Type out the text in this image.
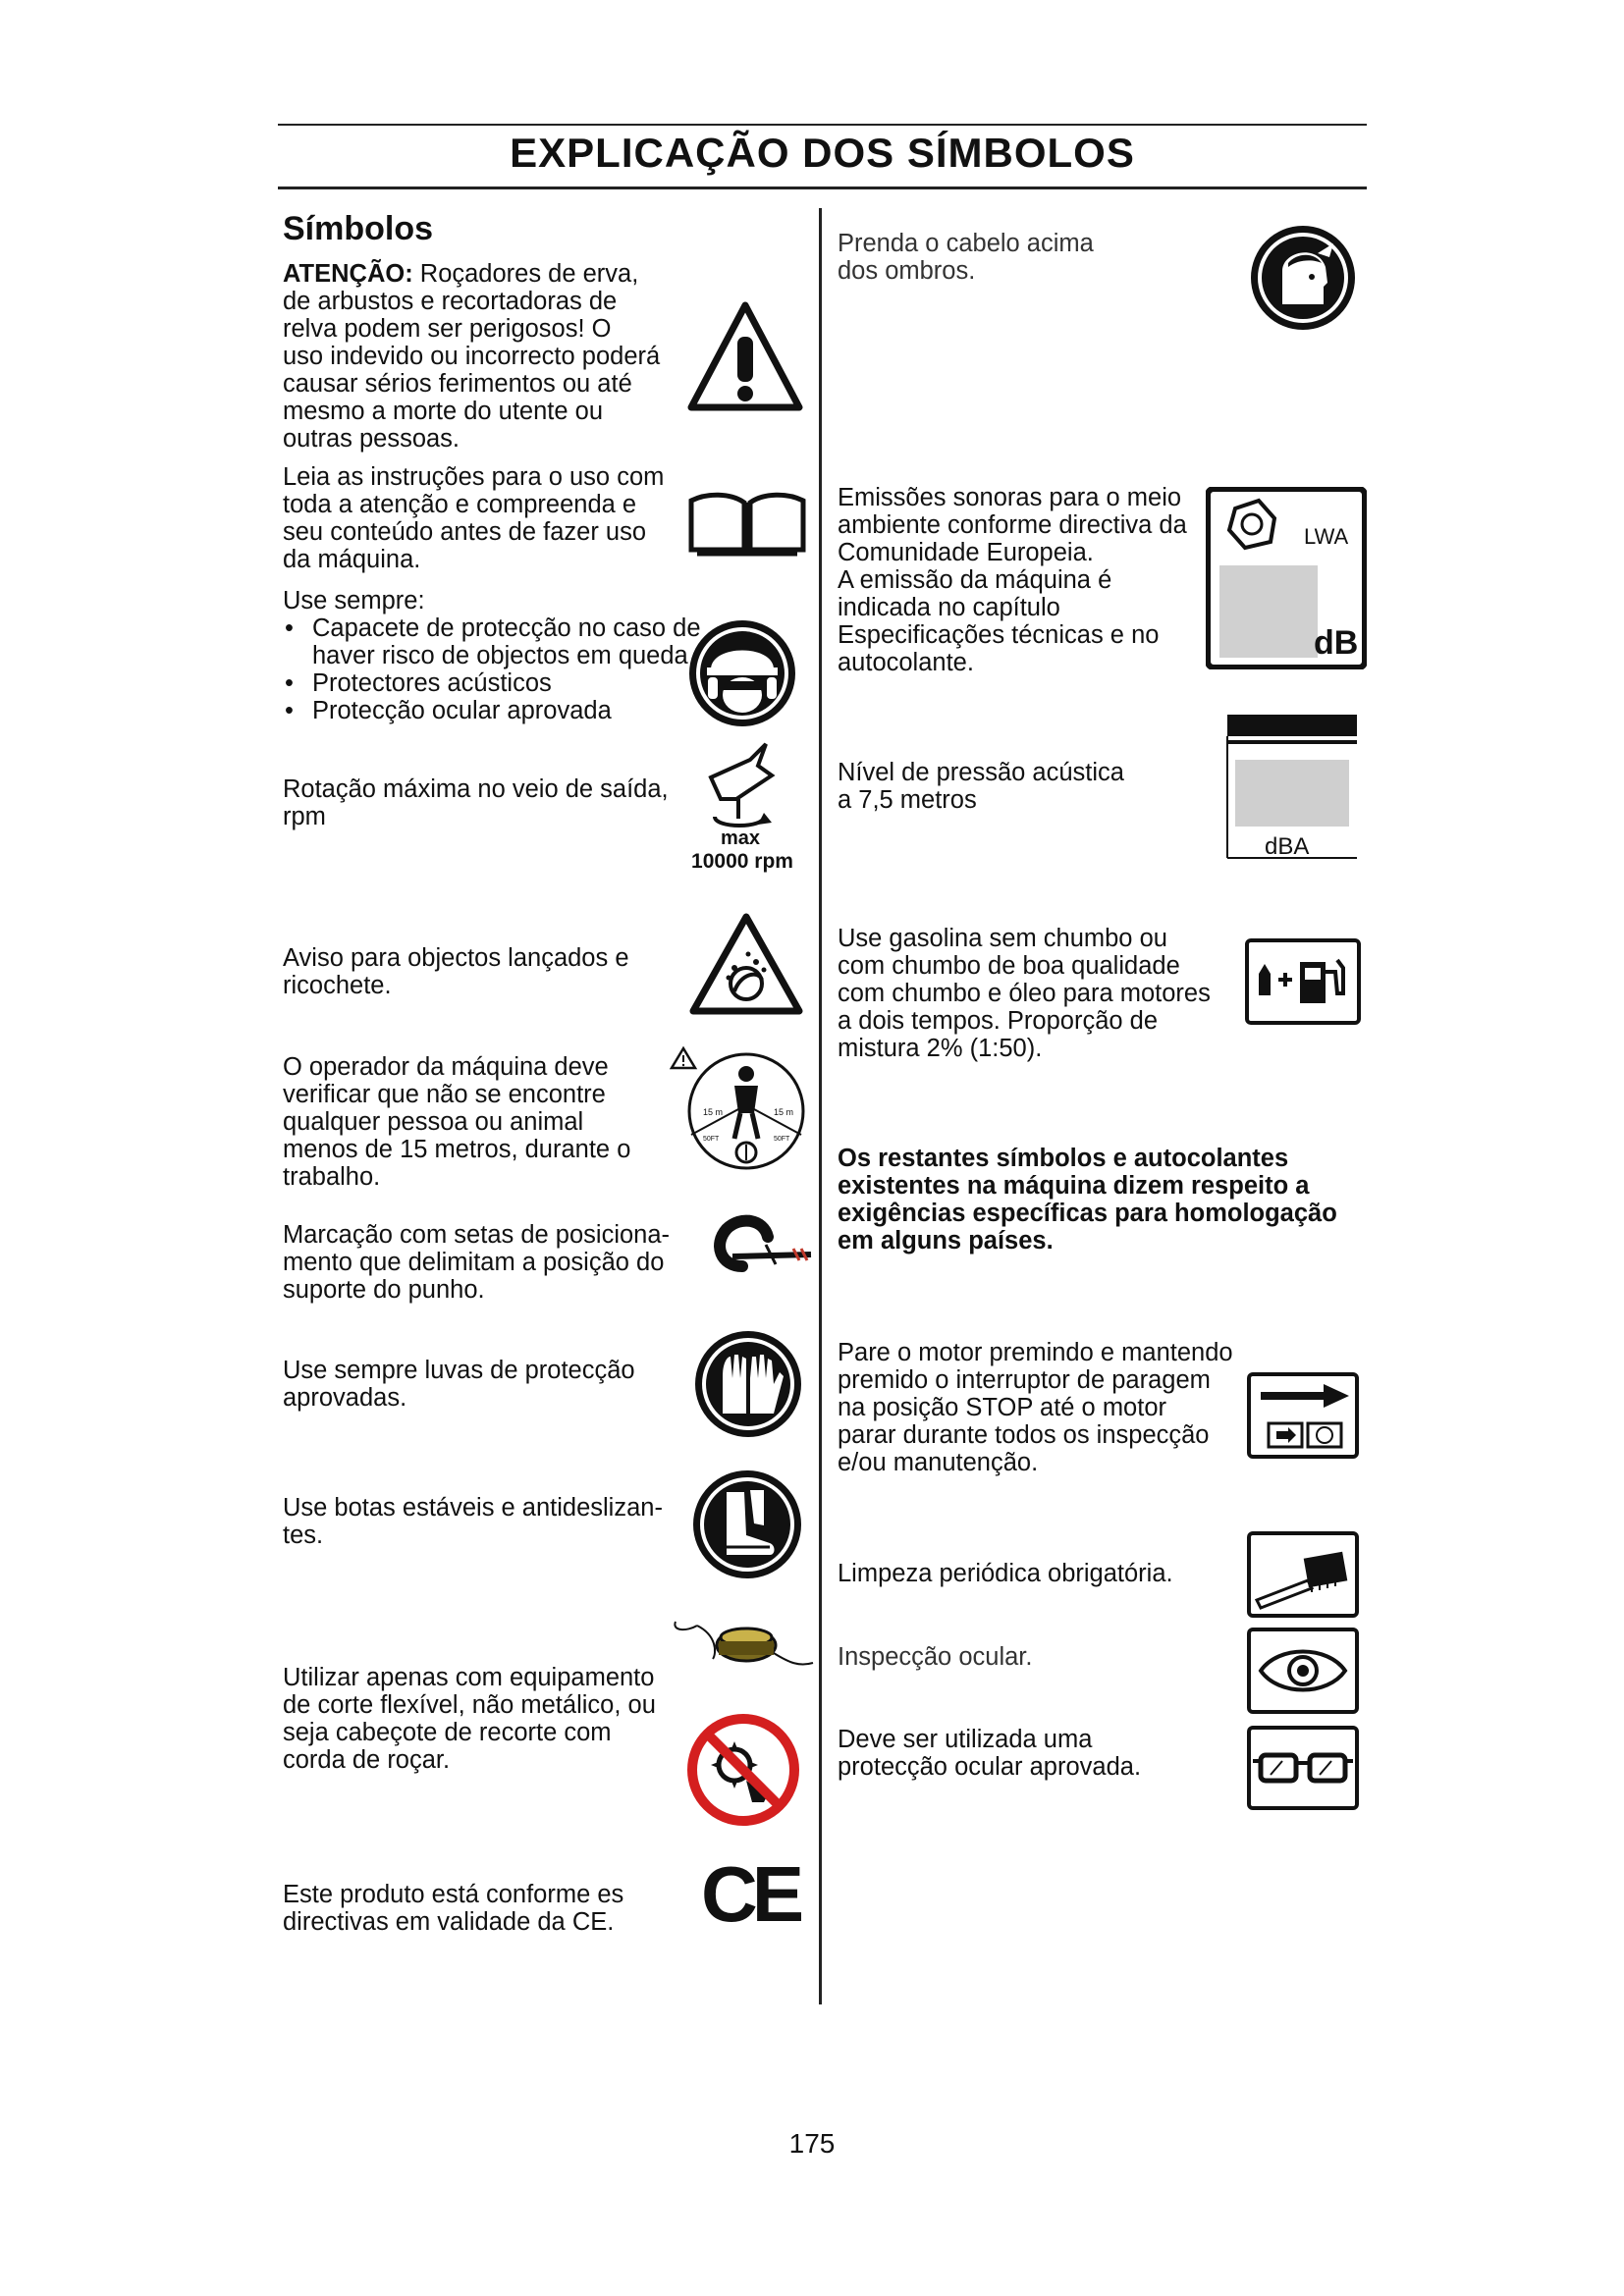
EXPLICAÇÃO DOS SÍMBOLOS
Símbolos
ATENÇÃO: Roçadores de erva,
de arbustos e recortadoras de
relva podem ser perigosos! O
uso indevido ou incorrecto poderá
causar sérios ferimentos ou até
mesmo a morte do utente ou
outras pessoas.
Leia as instruções para o uso com
toda a atenção e compreenda e
seu conteúdo antes de fazer uso
da máquina.
Use sempre:
• Capacete de protecção no caso de haver risco de objectos em queda
• Protectores acústicos
• Protecção ocular aprovada
Rotação máxima no veio de saída,
rpm
max
10000 rpm
Aviso para objectos lançados e
ricochete.
O operador da máquina deve
verificar que não se encontre
qualquer pessoa ou animal
menos de 15 metros, durante o
trabalho.
15 m
50FT
15 m
50FT
Marcação com setas de posiciona-
mento que delimitam a posição do
suporte do punho.
Use sempre luvas de protecção
aprovadas.
Use botas estáveis e antideslizan-
tes.
Utilizar apenas com equipamento
de corte flexível, não metálico, ou
seja cabeçote de recorte com
corda de roçar.
Este produto está conforme es
directivas em validade da CE. CE
Prenda o cabelo acima
dos ombros.
Emissões sonoras para o meio
ambiente conforme directiva da
Comunidade Europeia.
A emissão da máquina é
indicada no capítulo
Especificações técnicas e no
autocolante.
LWA
dB
Nível de pressão acústica
a 7,5 metros
dBA
Use gasolina sem chumbo ou
com chumbo de boa qualidade
com chumbo e óleo para motores
a dois tempos. Proporção de
mistura 2% (1:50).
Os restantes símbolos e autocolantes
existentes na máquina dizem respeito a
exigências específicas para homologação
em alguns países.
Pare o motor premindo e mantendo
premido o interruptor de paragem
na posição STOP até o motor
parar durante todos os inspecção
e/ou manutenção.
Limpeza periódica obrigatória.
Inspecção ocular.
Deve ser utilizada uma
protecção ocular aprovada.
175
